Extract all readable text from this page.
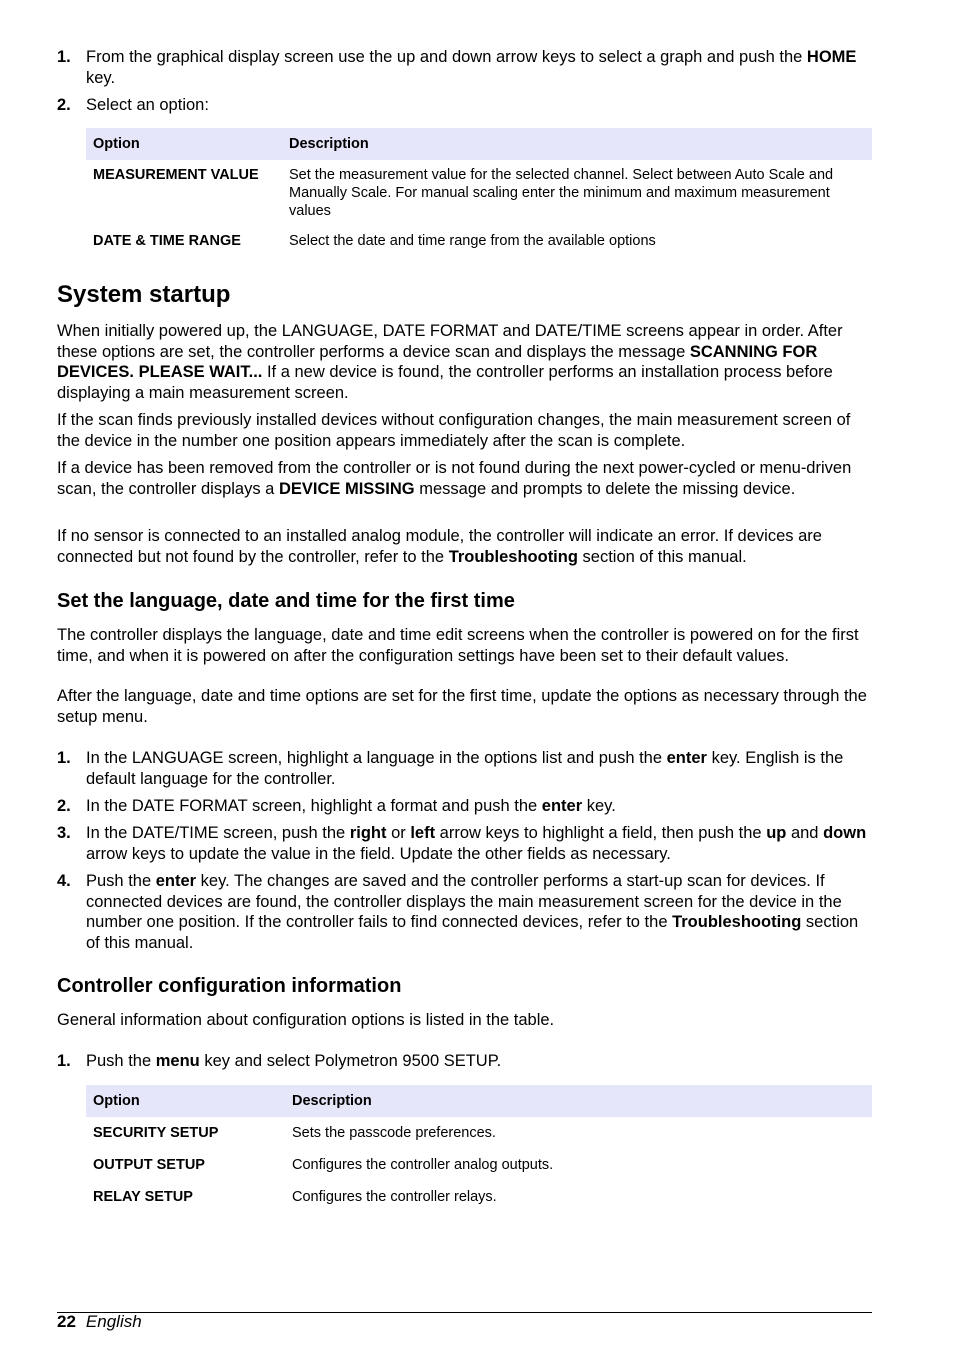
1. From the graphical display screen use the up and down arrow keys to select a graph and push the HOME key.
2. Select an option:
Option	Description
MEASUREMENT VALUE	Set the measurement value for the selected channel. Select between Auto Scale and Manually Scale. For manual scaling enter the minimum and maximum measurement values
DATE & TIME RANGE	Select the date and time range from the available options
System startup

When initially powered up, the LANGUAGE, DATE FORMAT and DATE/TIME screens appear in order. After these options are set, the controller performs a device scan and displays the message SCANNING FOR DEVICES. PLEASE WAIT... If a new device is found, the controller performs an installation process before displaying a main measurement screen.

If the scan finds previously installed devices without configuration changes, the main measurement screen of the device in the number one position appears immediately after the scan is complete.

If a device has been removed from the controller or is not found during the next power-cycled or menu-driven scan, the controller displays a DEVICE MISSING message and prompts to delete the missing device.

If no sensor is connected to an installed analog module, the controller will indicate an error. If devices are connected but not found by the controller, refer to the Troubleshooting section of this manual.

Set the language, date and time for the first time

The controller displays the language, date and time edit screens when the controller is powered on for the first time, and when it is powered on after the configuration settings have been set to their default values.

After the language, date and time options are set for the first time, update the options as necessary through the setup menu.

1. In the LANGUAGE screen, highlight a language in the options list and push the enter key. English is the default language for the controller.
2. In the DATE FORMAT screen, highlight a format and push the enter key.
3. In the DATE/TIME screen, push the right or left arrow keys to highlight a field, then push the up and down arrow keys to update the value in the field. Update the other fields as necessary.
4. Push the enter key. The changes are saved and the controller performs a start-up scan for devices. If connected devices are found, the controller displays the main measurement screen for the device in the number one position. If the controller fails to find connected devices, refer to the Troubleshooting section of this manual.
Controller configuration information

General information about configuration options is listed in the table.

1. Push the menu key and select Polymetron 9500 SETUP.
Option	Description
SECURITY SETUP	Sets the passcode preferences.
OUTPUT SETUP	Configures the controller analog outputs.
RELAY SETUP	Configures the controller relays.
22 English
